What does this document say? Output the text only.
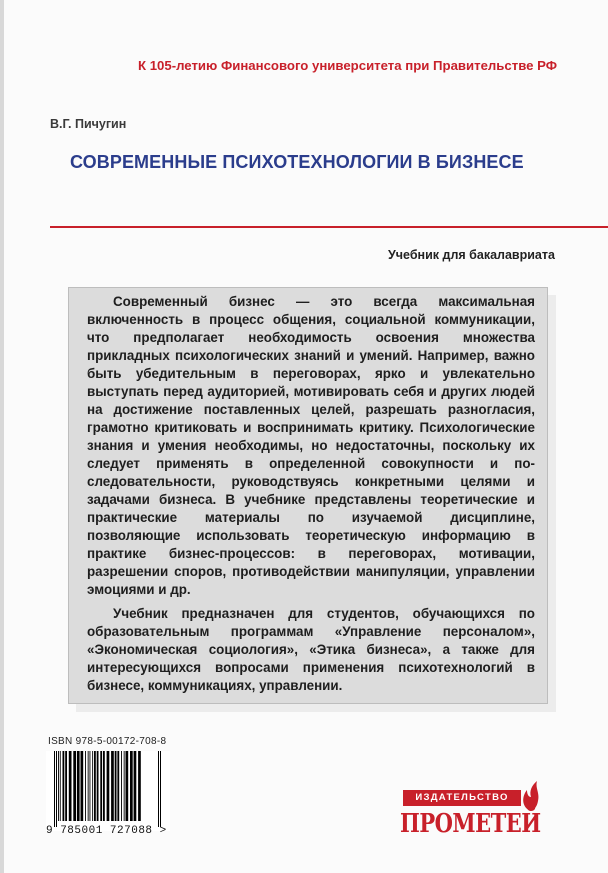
К 105-летию Финансового университета при Правительстве РФ
В.Г. Пичугин
СОВРЕМЕННЫЕ ПСИХОТЕХНОЛОГИИ В БИЗНЕСЕ
Учебник для бакалавриата

Современный бизнес — это всегда максимальная включенность в процесс общения, социальной коммуникации, что предполагает необходимость освоения множества прикладных психологических знаний и умений. Например, важно быть убедительным в переговорах, ярко и увлекательно выступать перед аудиторией, мотивировать себя и других людей на достижение поставленных целей, разрешать разногласия, грамотно критиковать и воспринимать критику. Психологические знания и умения необходимы, но недостаточны, поскольку их следует применять в определенной совокупности и последовательности, руководствуясь конкретными целями и задачами бизнеса. В учебнике представлены теоретические и практические материалы по изучаемой дисциплине, позволяющие использовать теоретическую информацию в практике бизнес-процессов: в переговорах, мотивации, разрешении споров, противодействии манипуляции, управлении эмоциями и др.

Учебник предназначен для студентов, обучающихся по образовательным программам «Управление персоналом», «Экономическая социология», «Этика бизнеса», а также для интересующихся вопросами применения психотехнологий в бизнесе, коммуникациях, управлении.

ISBN 978-5-00172-708-8
9 785001 727088 >
ИЗДАТЕЛЬСТВО
ПРОМЕТЕЙ
